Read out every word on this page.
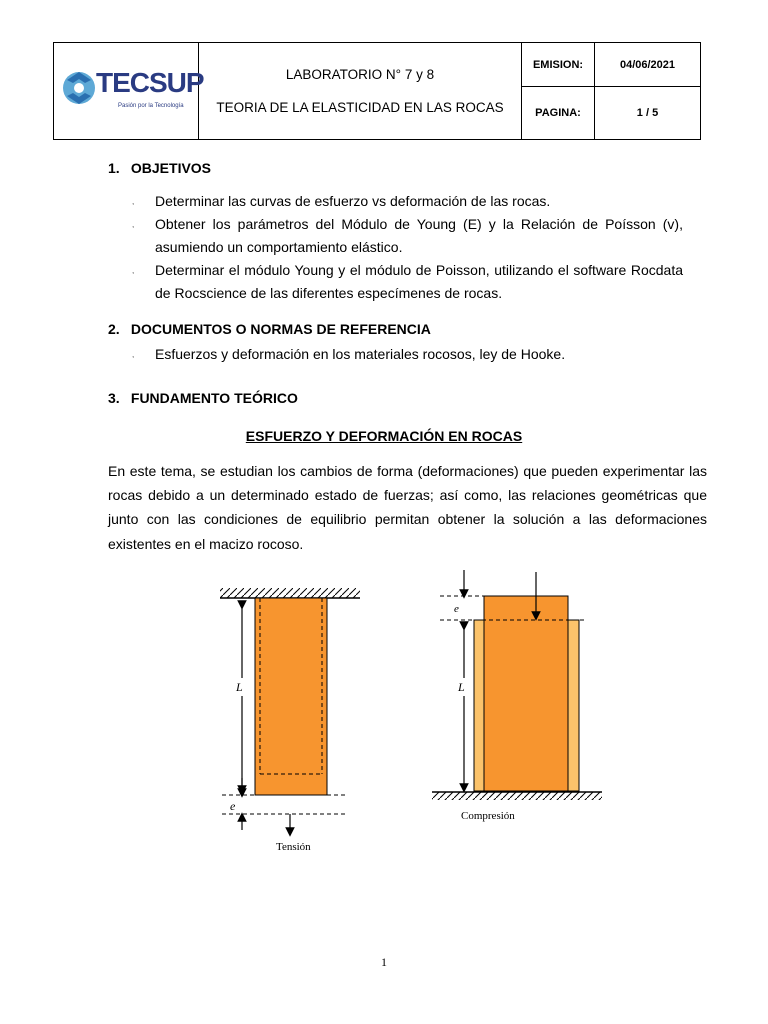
TECSUP
Pasión por la Tecnología	LABORATORIO N° 7 y 8
TEORIA DE LA ELASTICIDAD EN LAS ROCAS	EMISION:	04/06/2021
		PAGINA:	1 / 5
1. OBJETIVOS
, Determinar las curvas de esfuerzo vs deformación de las rocas.
, Obtener los parámetros del Módulo de Young (E) y la Relación de Poísson (v), asumiendo un comportamiento elástico.
, Determinar el módulo Young y el módulo de Poisson, utilizando el software Rocdata de Rocscience de las diferentes especímenes de rocas.
2. DOCUMENTOS O NORMAS DE REFERENCIA
, Esfuerzos y deformación en los materiales rocosos, ley de Hooke.
3. FUNDAMENTO TEÓRICO
ESFUERZO Y DEFORMACIÓN EN ROCAS
En este tema, se estudian los cambios de forma (deformaciones) que pueden experimentar las rocas debido a un determinado estado de fuerzas; así como, las relaciones geométricas que junto con las condiciones de equilibrio permitan obtener la solución a las deformaciones existentes en el macizo rocoso.
L
e
Tensión
e
L
Compresión
1
